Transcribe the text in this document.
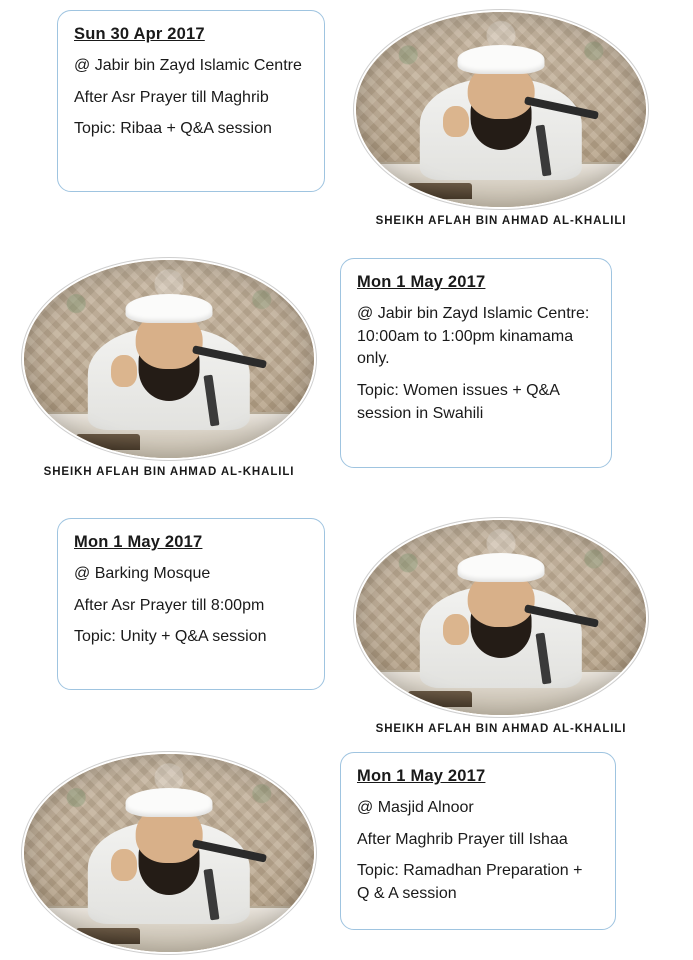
Sun 30 Apr 2017
@ Jabir bin Zayd Islamic Centre
After Asr Prayer till Maghrib
Topic: Ribaa + Q&A session
SHEIKH AFLAH BIN AHMAD AL-KHALILI
SHEIKH AFLAH BIN AHMAD AL-KHALILI
Mon 1 May 2017
@ Jabir bin Zayd Islamic Centre: 10:00am to 1:00pm kinamama only.
Topic: Women issues + Q&A session in Swahili
Mon 1 May 2017
@ Barking Mosque
After Asr Prayer till 8:00pm
Topic: Unity + Q&A session
SHEIKH AFLAH BIN AHMAD AL-KHALILI
Mon 1 May 2017
@ Masjid Alnoor
After Maghrib Prayer till Ishaa
Topic: Ramadhan Preparation + Q & A session
